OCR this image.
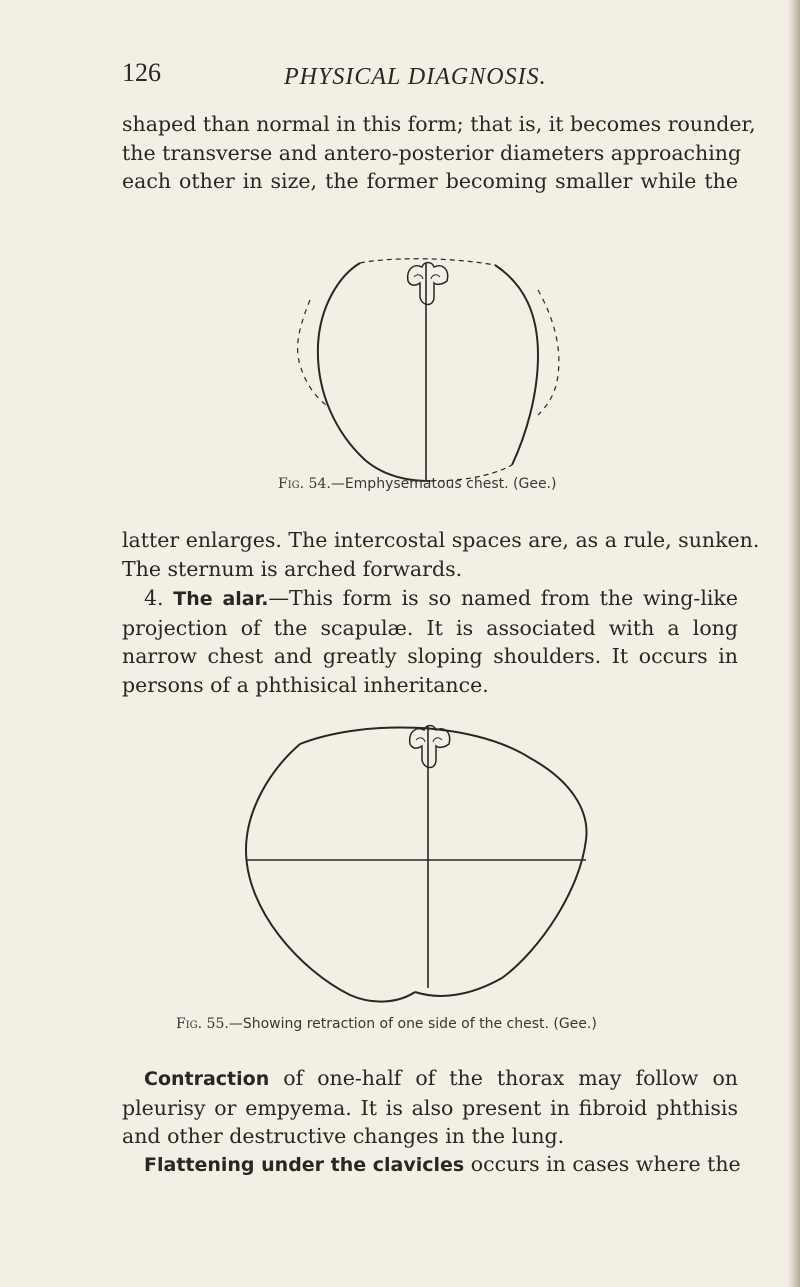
126	PHYSICAL DIAGNOSIS.
shaped than normal in this form; that is, it becomes rounder,
the transverse and antero-posterior diameters approaching
each other in size, the former becoming smaller while the
Fig. 54.—Emphysematous chest. (Gee.)
latter enlarges. The intercostal spaces are, as a rule, sunken.
The sternum is arched forwards.
4. The alar.—This form is so named from the wing-like
projection of the scapulæ. It is associated with a long
narrow chest and greatly sloping shoulders. It occurs in
persons of a phthisical inheritance.
Fig. 55.—Showing retraction of one side of the chest. (Gee.)
Contraction of one-half of the thorax may follow on
pleurisy or empyema. It is also present in fibroid phthisis
and other destructive changes in the lung.
Flattening under the clavicles occurs in cases where the
